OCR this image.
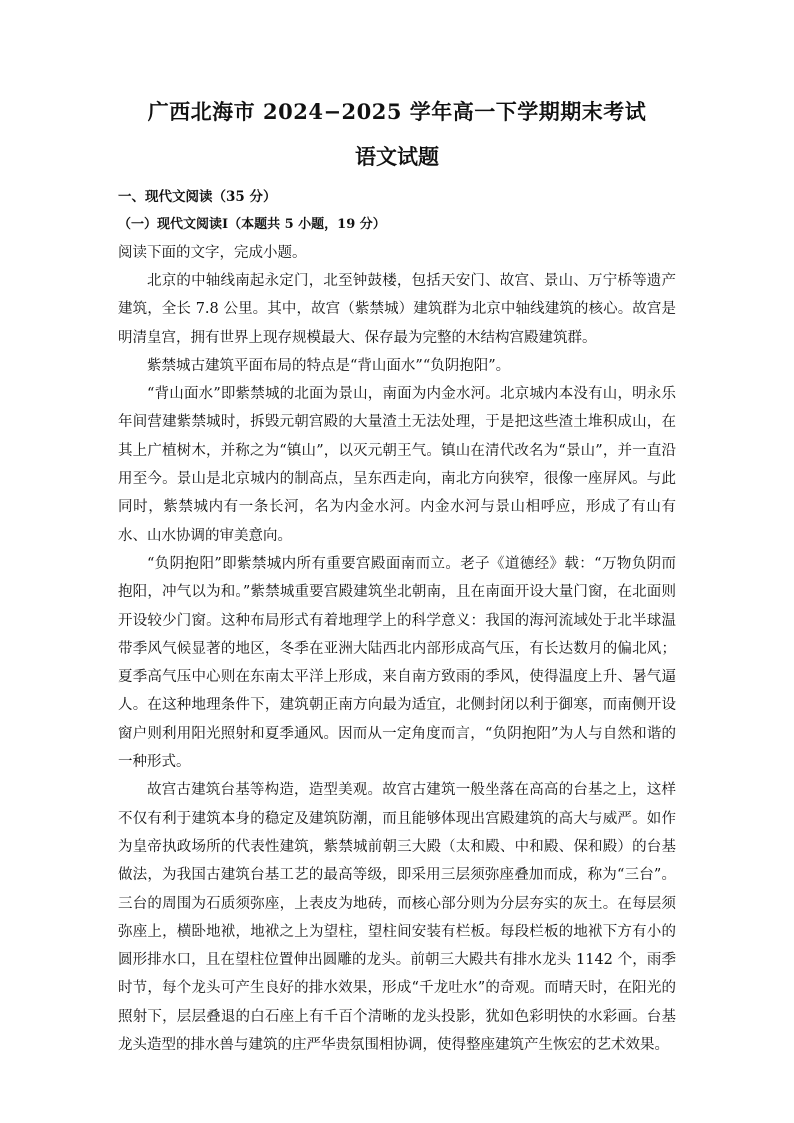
广西北海市 2024−2025 学年高一下学期期末考试
语文试题
一、现代文阅读（35 分）
（一）现代文阅读Ⅰ（本题共 5 小题，19 分）
阅读下面的文字，完成小题。

北京的中轴线南起永定门，北至钟鼓楼，包括天安门、故宫、景山、万宁桥等遗产建筑，全长 7.8 公里。其中，故宫（紫禁城）建筑群为北京中轴线建筑的核心。故宫是明清皇宫，拥有世界上现存规模最大、保存最为完整的木结构宫殿建筑群。

紫禁城古建筑平面布局的特点是“背山面水”“负阴抱阳”。

“背山面水”即紫禁城的北面为景山，南面为内金水河。北京城内本没有山，明永乐年间营建紫禁城时，拆毁元朝宫殿的大量渣土无法处理，于是把这些渣土堆积成山，在其上广植树木，并称之为“镇山”，以灭元朝王气。镇山在清代改名为“景山”，并一直沿用至今。景山是北京城内的制高点，呈东西走向，南北方向狭窄，很像一座屏风。与此同时，紫禁城内有一条长河，名为内金水河。内金水河与景山相呼应，形成了有山有水、山水协调的审美意向。

“负阴抱阳”即紫禁城内所有重要宫殿面南而立。老子《道德经》载：“万物负阴而抱阳，冲气以为和。”紫禁城重要宫殿建筑坐北朝南，且在南面开设大量门窗，在北面则开设较少门窗。这种布局形式有着地理学上的科学意义：我国的海河流域处于北半球温带季风气候显著的地区，冬季在亚洲大陆西北内部形成高气压，有长达数月的偏北风；夏季高气压中心则在东南太平洋上形成，来自南方致雨的季风，使得温度上升、暑气逼人。在这种地理条件下，建筑朝正南方向最为适宜，北侧封闭以利于御寒，而南侧开设窗户则利用阳光照射和夏季通风。因而从一定角度而言，“负阴抱阳”为人与自然和谐的一种形式。

故宫古建筑台基等构造，造型美观。故宫古建筑一般坐落在高高的台基之上，这样不仅有利于建筑本身的稳定及建筑防潮，而且能够体现出宫殿建筑的高大与威严。如作为皇帝执政场所的代表性建筑，紫禁城前朝三大殿（太和殿、中和殿、保和殿）的台基做法，为我国古建筑台基工艺的最高等级，即采用三层须弥座叠加而成，称为“三台”。三台的周围为石质须弥座，上表皮为地砖，而核心部分则为分层夯实的灰土。在每层须弥座上，横卧地袱，地袱之上为望柱，望柱间安装有栏板。每段栏板的地袱下方有小的圆形排水口，且在望柱位置伸出圆雕的龙头。前朝三大殿共有排水龙头 1142 个，雨季时节，每个龙头可产生良好的排水效果，形成“千龙吐水”的奇观。而晴天时，在阳光的照射下，层层叠退的白石座上有千百个清晰的龙头投影，犹如色彩明快的水彩画。台基龙头造型的排水兽与建筑的庄严华贵氛围相协调，使得整座建筑产生恢宏的艺术效果。
